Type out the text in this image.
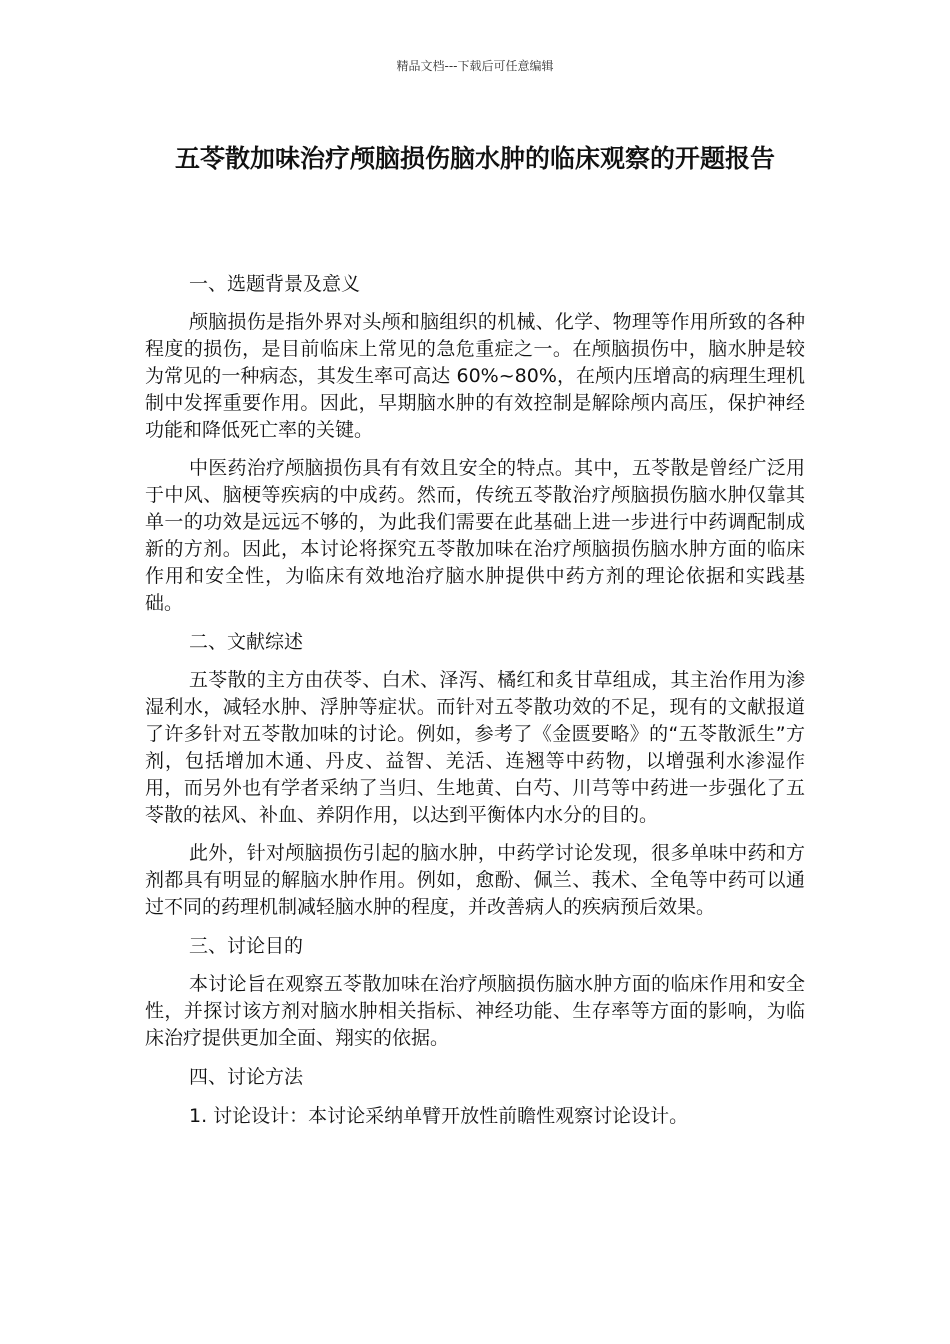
精品文档---下载后可任意编辑
五苓散加味治疗颅脑损伤脑水肿的临床观察的开题报告

一、选题背景及意义

颅脑损伤是指外界对头颅和脑组织的机械、化学、物理等作用所致的各种程度的损伤，是目前临床上常见的急危重症之一。在颅脑损伤中，脑水肿是较为常见的一种病态，其发生率可高达 60%~80%，在颅内压增高的病理生理机制中发挥重要作用。因此，早期脑水肿的有效控制是解除颅内高压，保护神经功能和降低死亡率的关键。

中医药治疗颅脑损伤具有有效且安全的特点。其中，五苓散是曾经广泛用于中风、脑梗等疾病的中成药。然而，传统五苓散治疗颅脑损伤脑水肿仅靠其单一的功效是远远不够的，为此我们需要在此基础上进一步进行中药调配制成新的方剂。因此，本讨论将探究五苓散加味在治疗颅脑损伤脑水肿方面的临床作用和安全性，为临床有效地治疗脑水肿提供中药方剂的理论依据和实践基础。

二、文献综述

五苓散的主方由茯苓、白术、泽泻、橘红和炙甘草组成，其主治作用为渗湿利水，减轻水肿、浮肿等症状。而针对五苓散功效的不足，现有的文献报道了许多针对五苓散加味的讨论。例如，参考了《金匮要略》的“五苓散派生”方剂，包括增加木通、丹皮、益智、羌活、连翘等中药物，以增强利水渗湿作用，而另外也有学者采纳了当归、生地黄、白芍、川芎等中药进一步强化了五苓散的祛风、补血、养阴作用，以达到平衡体内水分的目的。

此外，针对颅脑损伤引起的脑水肿，中药学讨论发现，很多单味中药和方剂都具有明显的解脑水肿作用。例如，愈酚、佩兰、莪术、全龟等中药可以通过不同的药理机制减轻脑水肿的程度，并改善病人的疾病预后效果。

三、讨论目的

本讨论旨在观察五苓散加味在治疗颅脑损伤脑水肿方面的临床作用和安全性，并探讨该方剂对脑水肿相关指标、神经功能、生存率等方面的影响，为临床治疗提供更加全面、翔实的依据。

四、讨论方法

1. 讨论设计：本讨论采纳单臂开放性前瞻性观察讨论设计。
